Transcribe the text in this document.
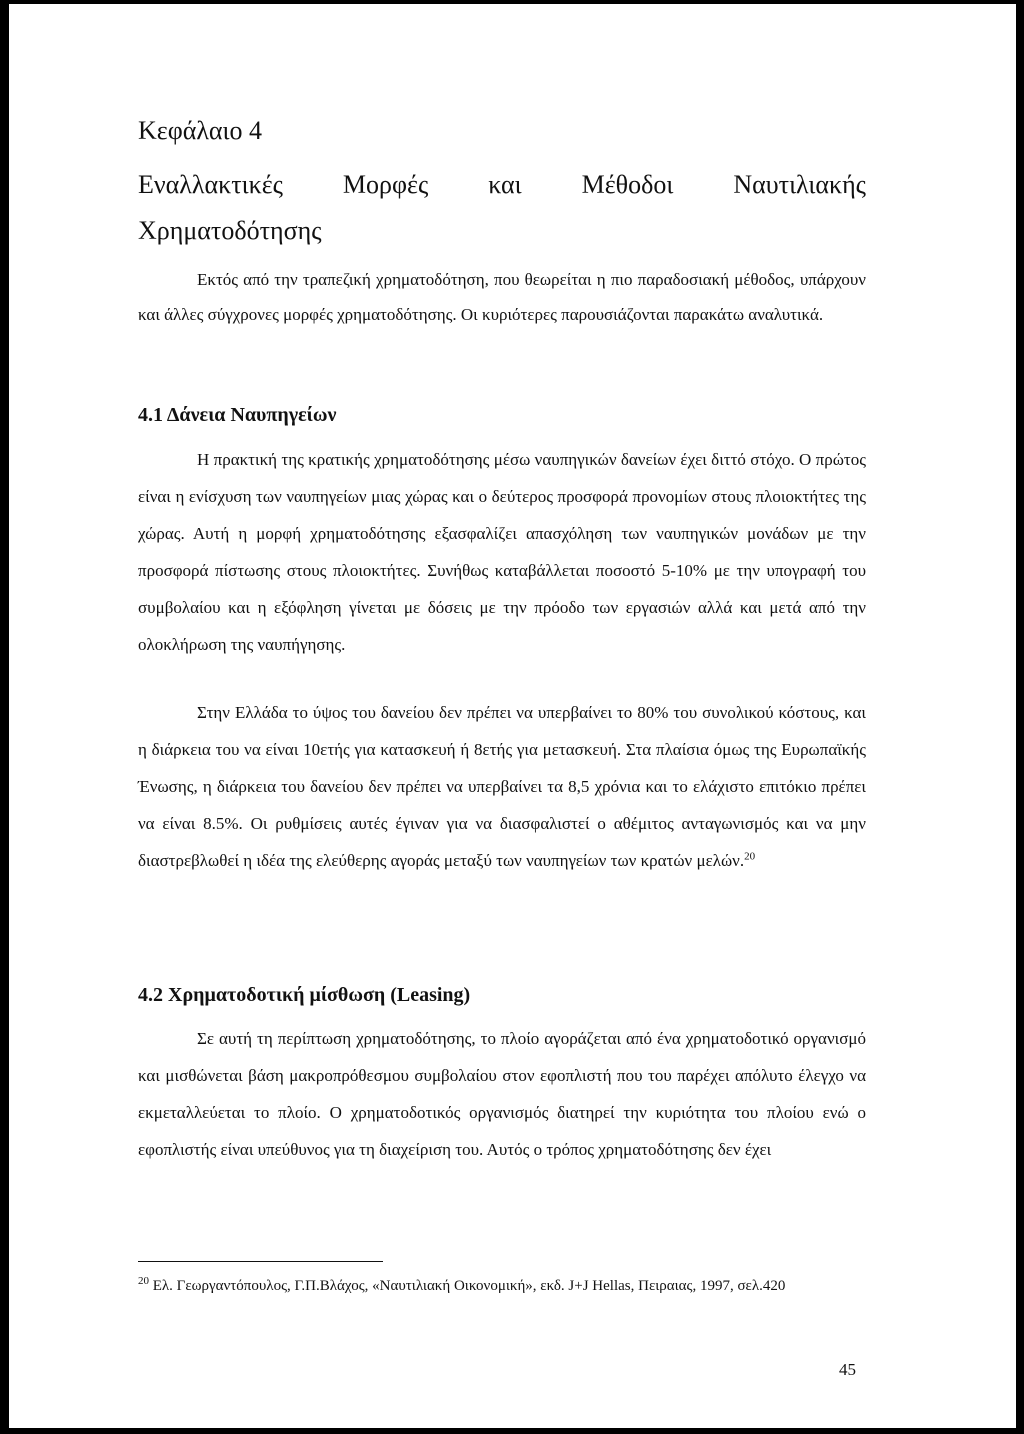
Κεφάλαιο 4

Εναλλακτικές Μορφές και Μέθοδοι Ναυτιλιακής
Χρηματοδότησης

Εκτός από την τραπεζική χρηματοδότηση, που θεωρείται η πιο παραδοσιακή μέθοδος, υπάρχουν και άλλες σύγχρονες μορφές χρηματοδότησης. Οι κυριότερες παρουσιάζονται παρακάτω αναλυτικά.

4.1 Δάνεια Ναυπηγείων

Η πρακτική της κρατικής χρηματοδότησης μέσω ναυπηγικών δανείων έχει διττό στόχο. Ο πρώτος είναι η ενίσχυση των ναυπηγείων μιας χώρας και ο δεύτερος προσφορά προνομίων στους πλοιοκτήτες της χώρας. Αυτή η μορφή χρηματοδότησης εξασφαλίζει απασχόληση των ναυπηγικών μονάδων με την προσφορά πίστωσης στους πλοιοκτήτες. Συνήθως καταβάλλεται ποσοστό 5-10% με την υπογραφή του συμβολαίου και η εξόφληση γίνεται με δόσεις με την πρόοδο των εργασιών αλλά και μετά από την ολοκλήρωση της ναυπήγησης.

Στην Ελλάδα το ύψος του δανείου δεν πρέπει να υπερβαίνει το 80% του συνολικού κόστους, και η διάρκεια του να είναι 10ετής για κατασκευή ή 8ετής για μετασκευή. Στα πλαίσια όμως της Ευρωπαϊκής Ένωσης, η διάρκεια του δανείου δεν πρέπει να υπερβαίνει τα 8,5 χρόνια και το ελάχιστο επιτόκιο πρέπει να είναι 8.5%. Οι ρυθμίσεις αυτές έγιναν για να διασφαλιστεί ο αθέμιτος ανταγωνισμός και να μην διαστρεβλωθεί η ιδέα της ελεύθερης αγοράς μεταξύ των ναυπηγείων των κρατών μελών.$^{20}$

4.2 Χρηματοδοτική μίσθωση (Leasing)

Σε αυτή τη περίπτωση χρηματοδότησης, το πλοίο αγοράζεται από ένα χρηματοδοτικό οργανισμό και μισθώνεται βάση μακροπρόθεσμου συμβολαίου στον εφοπλιστή που του παρέχει απόλυτο έλεγχο να εκμεταλλεύεται το πλοίο. Ο χρηματοδοτικός οργανισμός διατηρεί την κυριότητα του πλοίου ενώ ο εφοπλιστής είναι υπεύθυνος για τη διαχείριση του. Αυτός ο τρόπος χρηματοδότησης δεν έχει

$^{20}$ Ελ. Γεωργαντόπουλος, Γ.Π.Βλάχος, «Ναυτιλιακή Οικονομική», εκδ. J+J Hellas, Πειραιας, 1997, σελ.420

45
